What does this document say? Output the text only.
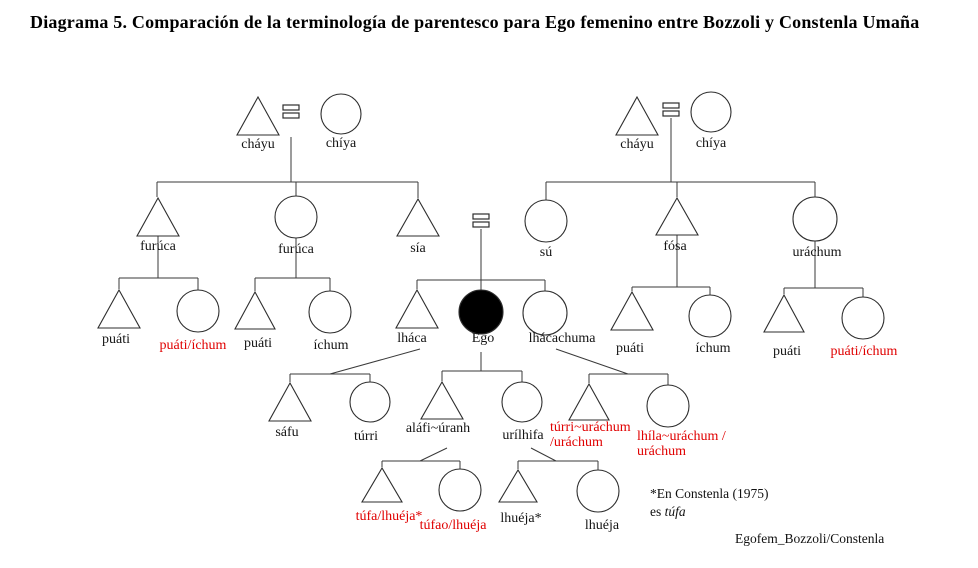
Diagrama 5. Comparación de la terminología de parentesco para Ego femenino entre Bozzoli y Constenla Umaña
cháyu	chíya	cháyu	chíya
furúca	furúca	sía	sú	fósa	uráchum
puáti puáti/íchum puáti	íchum	lháca	Ego lhácachuma
puáti	íchum	puáti puáti/íchum
sáfu	túrri
aláfi~úranh urílhifa
túrri~uráchum
/uráchum	lhíla~uráchum /
uráchum
túfa/lhuéja*
túfao/lhuéja lhuéja*	lhuéja
*En Constenla (1975)
es túfa
Egofem_Bozzoli/Constenla
